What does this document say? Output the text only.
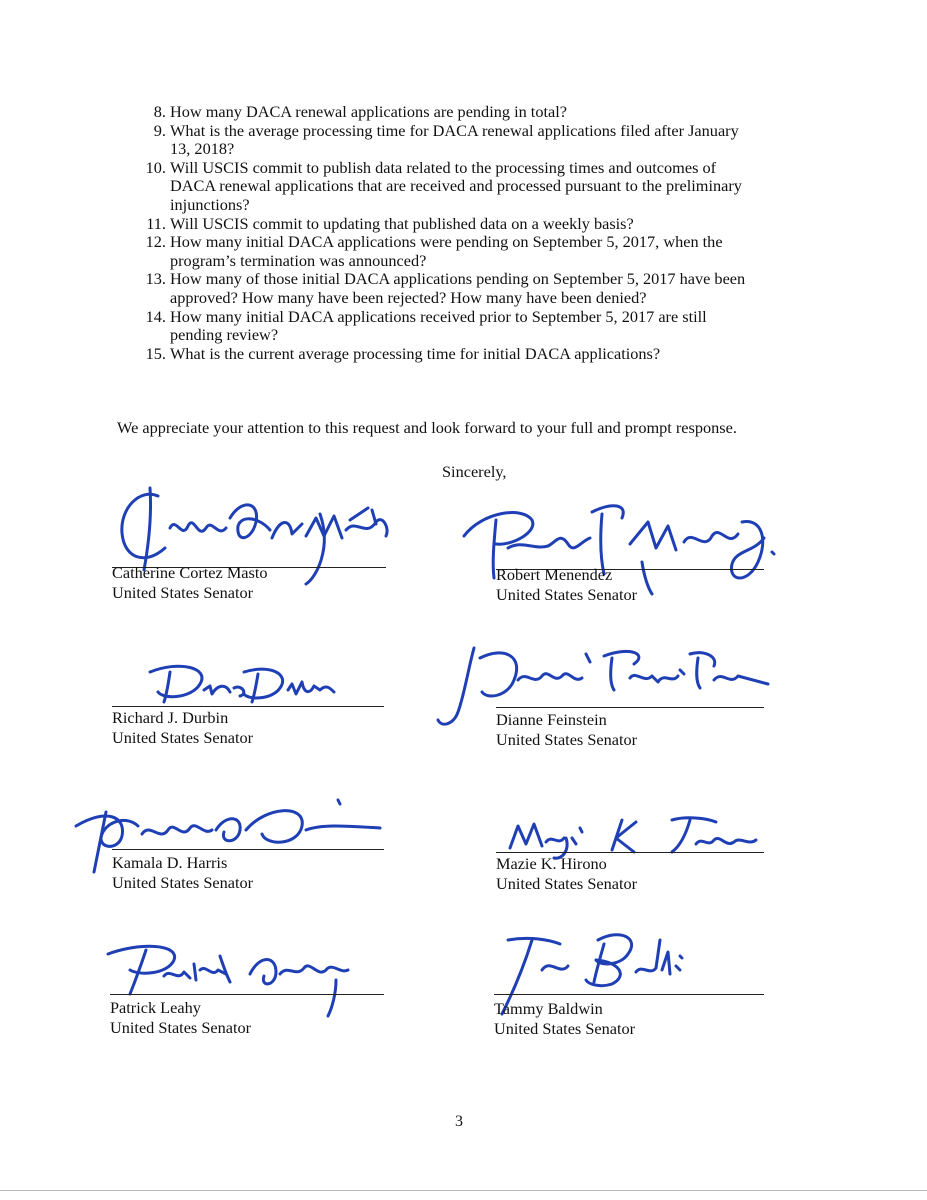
8. How many DACA renewal applications are pending in total?
9. What is the average processing time for DACA renewal applications filed after January
13, 2018?
10. Will USCIS commit to publish data related to the processing times and outcomes of
DACA renewal applications that are received and processed pursuant to the preliminary
injunctions?
11. Will USCIS commit to updating that published data on a weekly basis?
12. How many initial DACA applications were pending on September 5, 2017, when the
program’s termination was announced?
13. How many of those initial DACA applications pending on September 5, 2017 have been
approved? How many have been rejected? How many have been denied?
14. How many initial DACA applications received prior to September 5, 2017 are still
pending review?
15. What is the current average processing time for initial DACA applications?
We appreciate your attention to this request and look forward to your full and prompt response.
Sincerely,
Catherine Cortez Masto
United States Senator
Robert Menendez
United States Senator
Richard J. Durbin
United States Senator
Dianne Feinstein
United States Senator
Kamala D. Harris
United States Senator
Mazie K. Hirono
United States Senator
Patrick Leahy
United States Senator
Tammy Baldwin
United States Senator
3
